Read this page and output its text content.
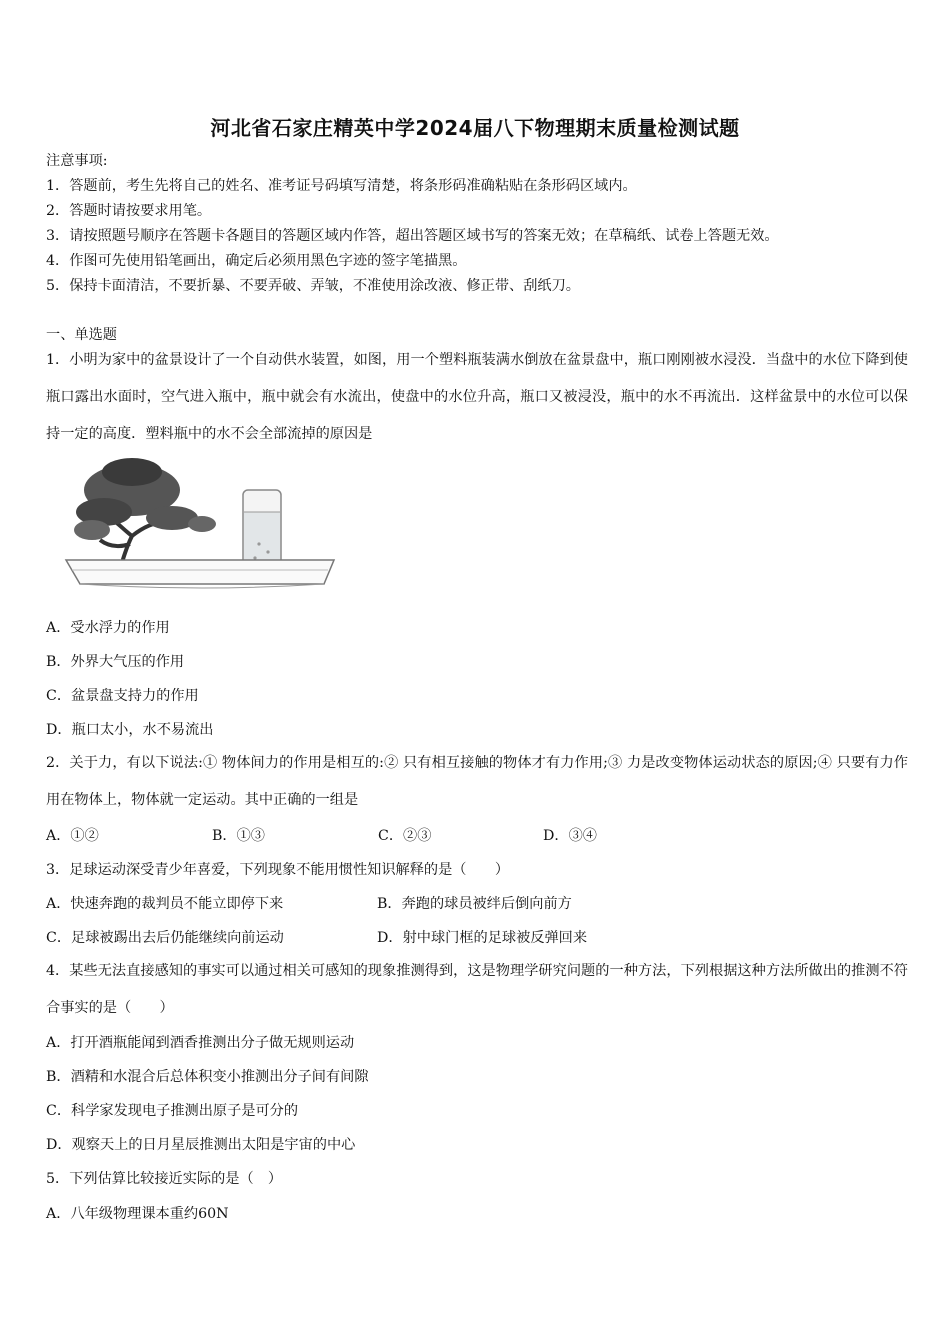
河北省石家庄精英中学2024届八下物理期末质量检测试题
注意事项:
1．答题前，考生先将自己的姓名、准考证号码填写清楚，将条形码准确粘贴在条形码区域内。
2．答题时请按要求用笔。
3．请按照题号顺序在答题卡各题目的答题区域内作答，超出答题区域书写的答案无效；在草稿纸、试卷上答题无效。
4．作图可先使用铅笔画出，确定后必须用黑色字迹的签字笔描黑。
5．保持卡面清洁，不要折暴、不要弄破、弄皱，不准使用涂改液、修正带、刮纸刀。
一、单选题
1．小明为家中的盆景设计了一个自动供水装置，如图，用一个塑料瓶装满水倒放在盆景盘中，瓶口刚刚被水浸没．当盘中的水位下降到使瓶口露出水面时，空气进入瓶中，瓶中就会有水流出，使盘中的水位升高，瓶口又被浸没，瓶中的水不再流出．这样盆景中的水位可以保持一定的高度．塑料瓶中的水不会全部流掉的原因是
A．受水浮力的作用
B．外界大气压的作用
C．盆景盘支持力的作用
D．瓶口太小，水不易流出
2．关于力，有以下说法:① 物体间力的作用是相互的:② 只有相互接触的物体才有力作用;③ 力是改变物体运动状态的原因;④ 只要有力作用在物体上，物体就一定运动。其中正确的一组是
A．①②	B．①③	C．②③	D．③④
3．足球运动深受青少年喜爱，下列现象不能用惯性知识解释的是（　　）
A．快速奔跑的裁判员不能立即停下来	B．奔跑的球员被绊后倒向前方
C．足球被踢出去后仍能继续向前运动	D．射中球门框的足球被反弹回来
4．某些无法直接感知的事实可以通过相关可感知的现象推测得到，这是物理学研究问题的一种方法，下列根据这种方法所做出的推测不符合事实的是（　　）
A．打开酒瓶能闻到酒香推测出分子做无规则运动
B．酒精和水混合后总体积变小推测出分子间有间隙
C．科学家发现电子推测出原子是可分的
D．观察天上的日月星辰推测出太阳是宇宙的中心
5．下列估算比较接近实际的是（　）
A．八年级物理课本重约60N
